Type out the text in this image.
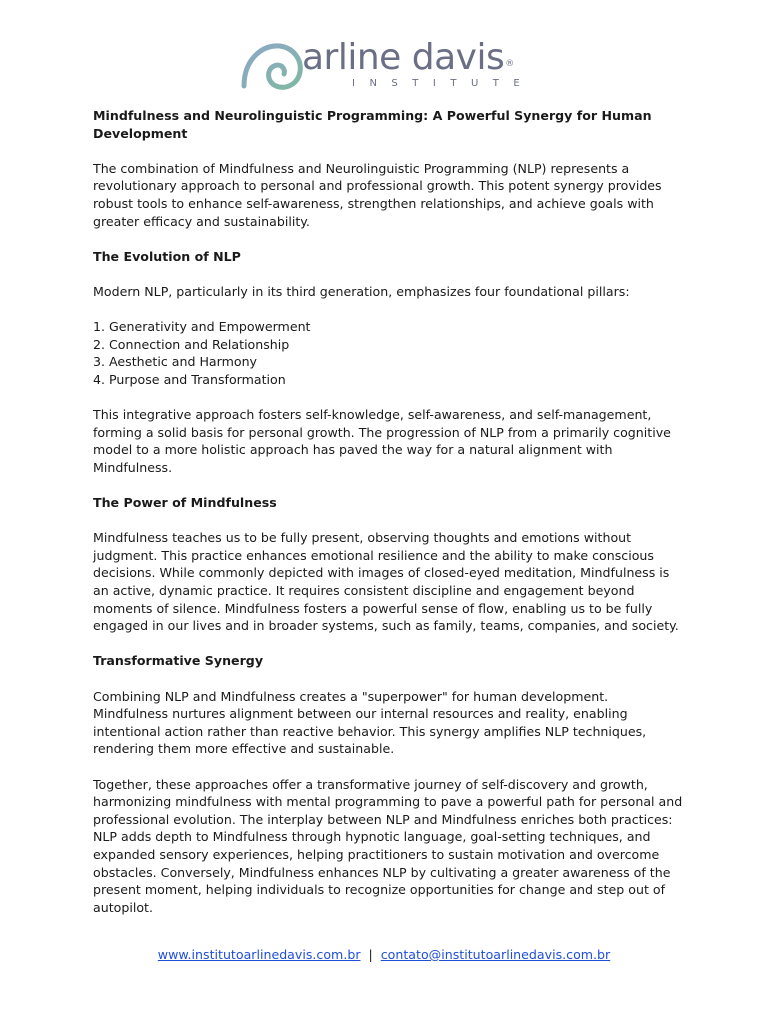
arline davis®
INSTITUTE
Mindfulness and Neurolinguistic Programming: A Powerful Synergy for Human Development

The combination of Mindfulness and Neurolinguistic Programming (NLP) represents a revolutionary approach to personal and professional growth. This potent synergy provides robust tools to enhance self-awareness, strengthen relationships, and achieve goals with greater efficacy and sustainability.

The Evolution of NLP

Modern NLP, particularly in its third generation, emphasizes four foundational pillars:

1. Generativity and Empowerment
2. Connection and Relationship
3. Aesthetic and Harmony
4. Purpose and Transformation

This integrative approach fosters self-knowledge, self-awareness, and self-management, forming a solid basis for personal growth. The progression of NLP from a primarily cognitive model to a more holistic approach has paved the way for a natural alignment with Mindfulness.

The Power of Mindfulness

Mindfulness teaches us to be fully present, observing thoughts and emotions without judgment. This practice enhances emotional resilience and the ability to make conscious decisions. While commonly depicted with images of closed-eyed meditation, Mindfulness is an active, dynamic practice. It requires consistent discipline and engagement beyond moments of silence. Mindfulness fosters a powerful sense of flow, enabling us to be fully engaged in our lives and in broader systems, such as family, teams, companies, and society.

Transformative Synergy

Combining NLP and Mindfulness creates a "superpower" for human development. Mindfulness nurtures alignment between our internal resources and reality, enabling intentional action rather than reactive behavior. This synergy amplifies NLP techniques, rendering them more effective and sustainable.

Together, these approaches offer a transformative journey of self-discovery and growth, harmonizing mindfulness with mental programming to pave a powerful path for personal and professional evolution. The interplay between NLP and Mindfulness enriches both practices: NLP adds depth to Mindfulness through hypnotic language, goal-setting techniques, and expanded sensory experiences, helping practitioners to sustain motivation and overcome obstacles. Conversely, Mindfulness enhances NLP by cultivating a greater awareness of the present moment, helping individuals to recognize opportunities for change and step out of autopilot.

www.institutoarlinedavis.com.br | contato@institutoarlinedavis.com.br
